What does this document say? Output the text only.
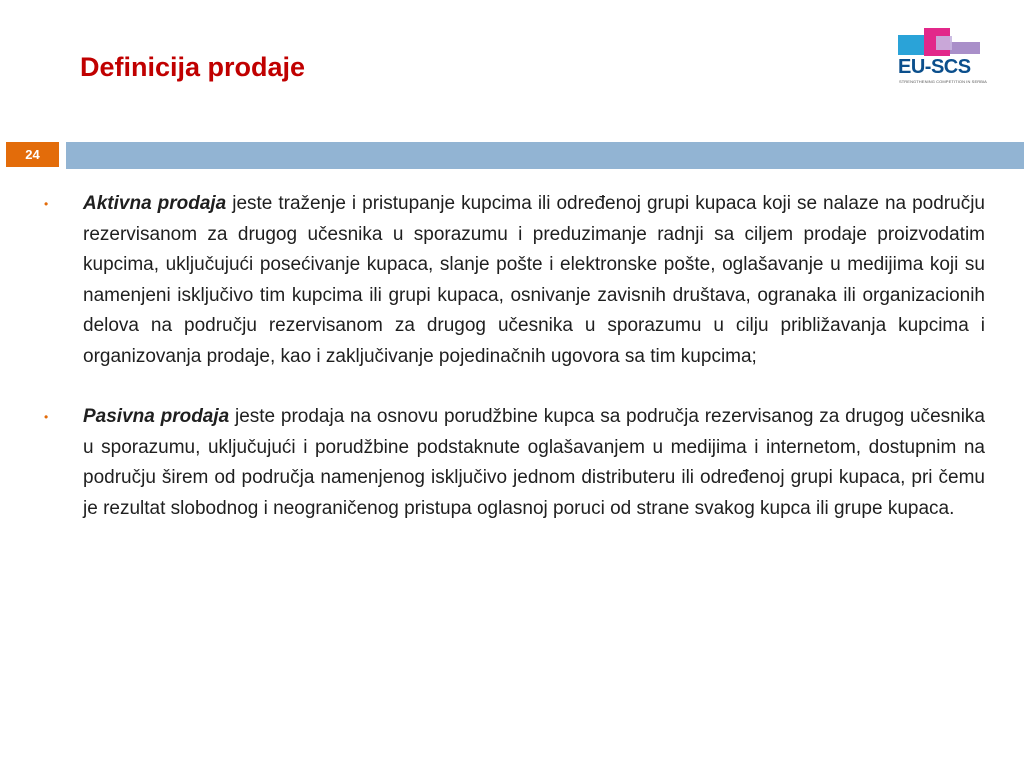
Definicija prodaje	EU-SCS
STRENGTHENING COMPETITION IN SERBIA
24
• Aktivna prodaja jeste traženje i pristupanje kupcima ili određenoj grupi kupaca koji se nalaze na području rezervisanom za drugog učesnika u sporazumu i preduzimanje radnji sa ciljem prodaje proizvodatim kupcima, uključujući posećivanje kupaca, slanje pošte i elektronske pošte, oglašavanje u medijima koji su namenjeni isključivo tim kupcima ili grupi kupaca, osnivanje zavisnih društava, ogranaka ili organizacionih delova na području rezervisanom za drugog učesnika u sporazumu u cilju približavanja kupcima i organizovanja prodaje, kao i zaključivanje pojedinačnih ugovora sa tim kupcima;
• Pasivna prodaja jeste prodaja na osnovu porudžbine kupca sa područja rezervisanog za drugog učesnika u sporazumu, uključujući i porudžbine podstaknute oglašavanjem u medijima i internetom, dostupnim na području širem od područja namenjenog isključivo jednom distributeru ili određenoj grupi kupaca, pri čemu je rezultat slobodnog i neograničenog pristupa oglasnoj poruci od strane svakog kupca ili grupe kupaca.
